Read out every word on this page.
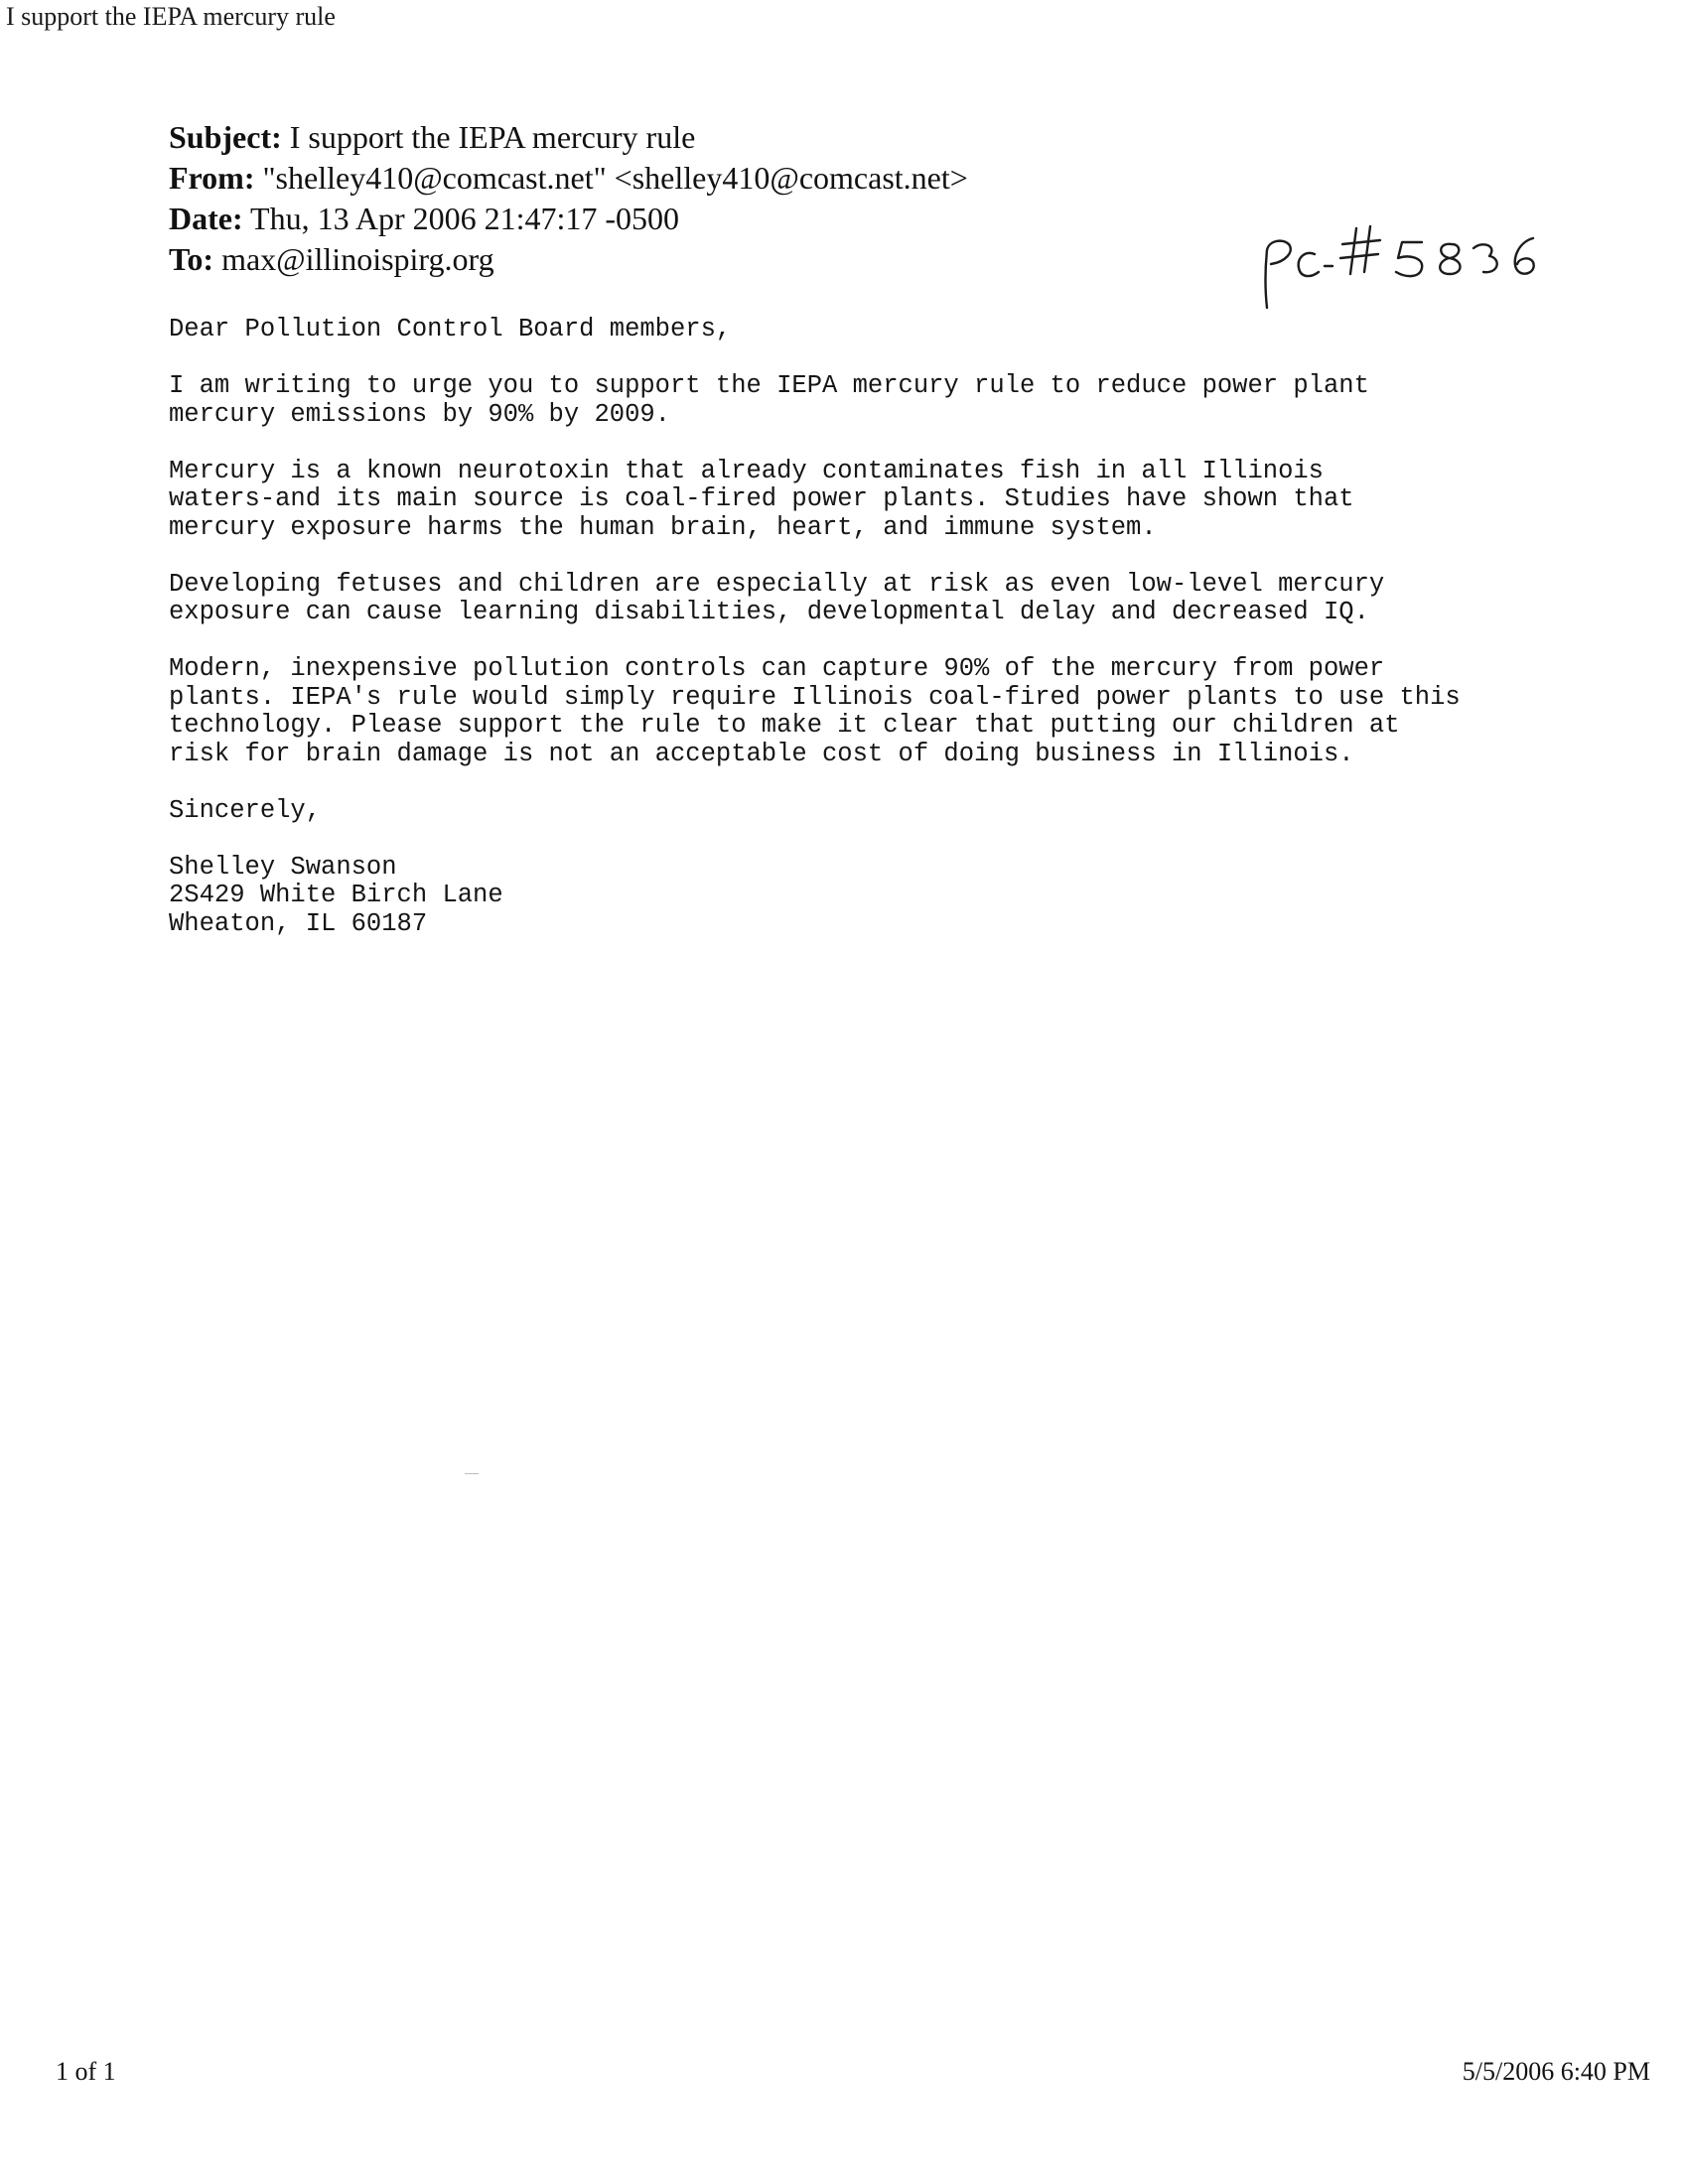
I support the IEPA mercury rule
Subject: I support the IEPA mercury rule
From: "shelley410@comcast.net" <shelley410@comcast.net>
Date: Thu, 13 Apr 2006 21:47:17 -0500
To: max@illinoispirg.org

Dear Pollution Control Board members,

I am writing to urge you to support the IEPA mercury rule to reduce power plant
mercury emissions by 90% by 2009.

Mercury is a known neurotoxin that already contaminates fish in all Illinois
waters-and its main source is coal-fired power plants. Studies have shown that
mercury exposure harms the human brain, heart, and immune system.

Developing fetuses and children are especially at risk as even low-level mercury
exposure can cause learning disabilities, developmental delay and decreased IQ.

Modern, inexpensive pollution controls can capture 90% of the mercury from power
plants. IEPA's rule would simply require Illinois coal-fired power plants to use this
technology. Please support the rule to make it clear that putting our children at
risk for brain damage is not an acceptable cost of doing business in Illinois.

Sincerely,

Shelley Swanson
2S429 White Birch Lane
Wheaton, IL 60187

1 of 1	5/5/2006 6:40 PM
